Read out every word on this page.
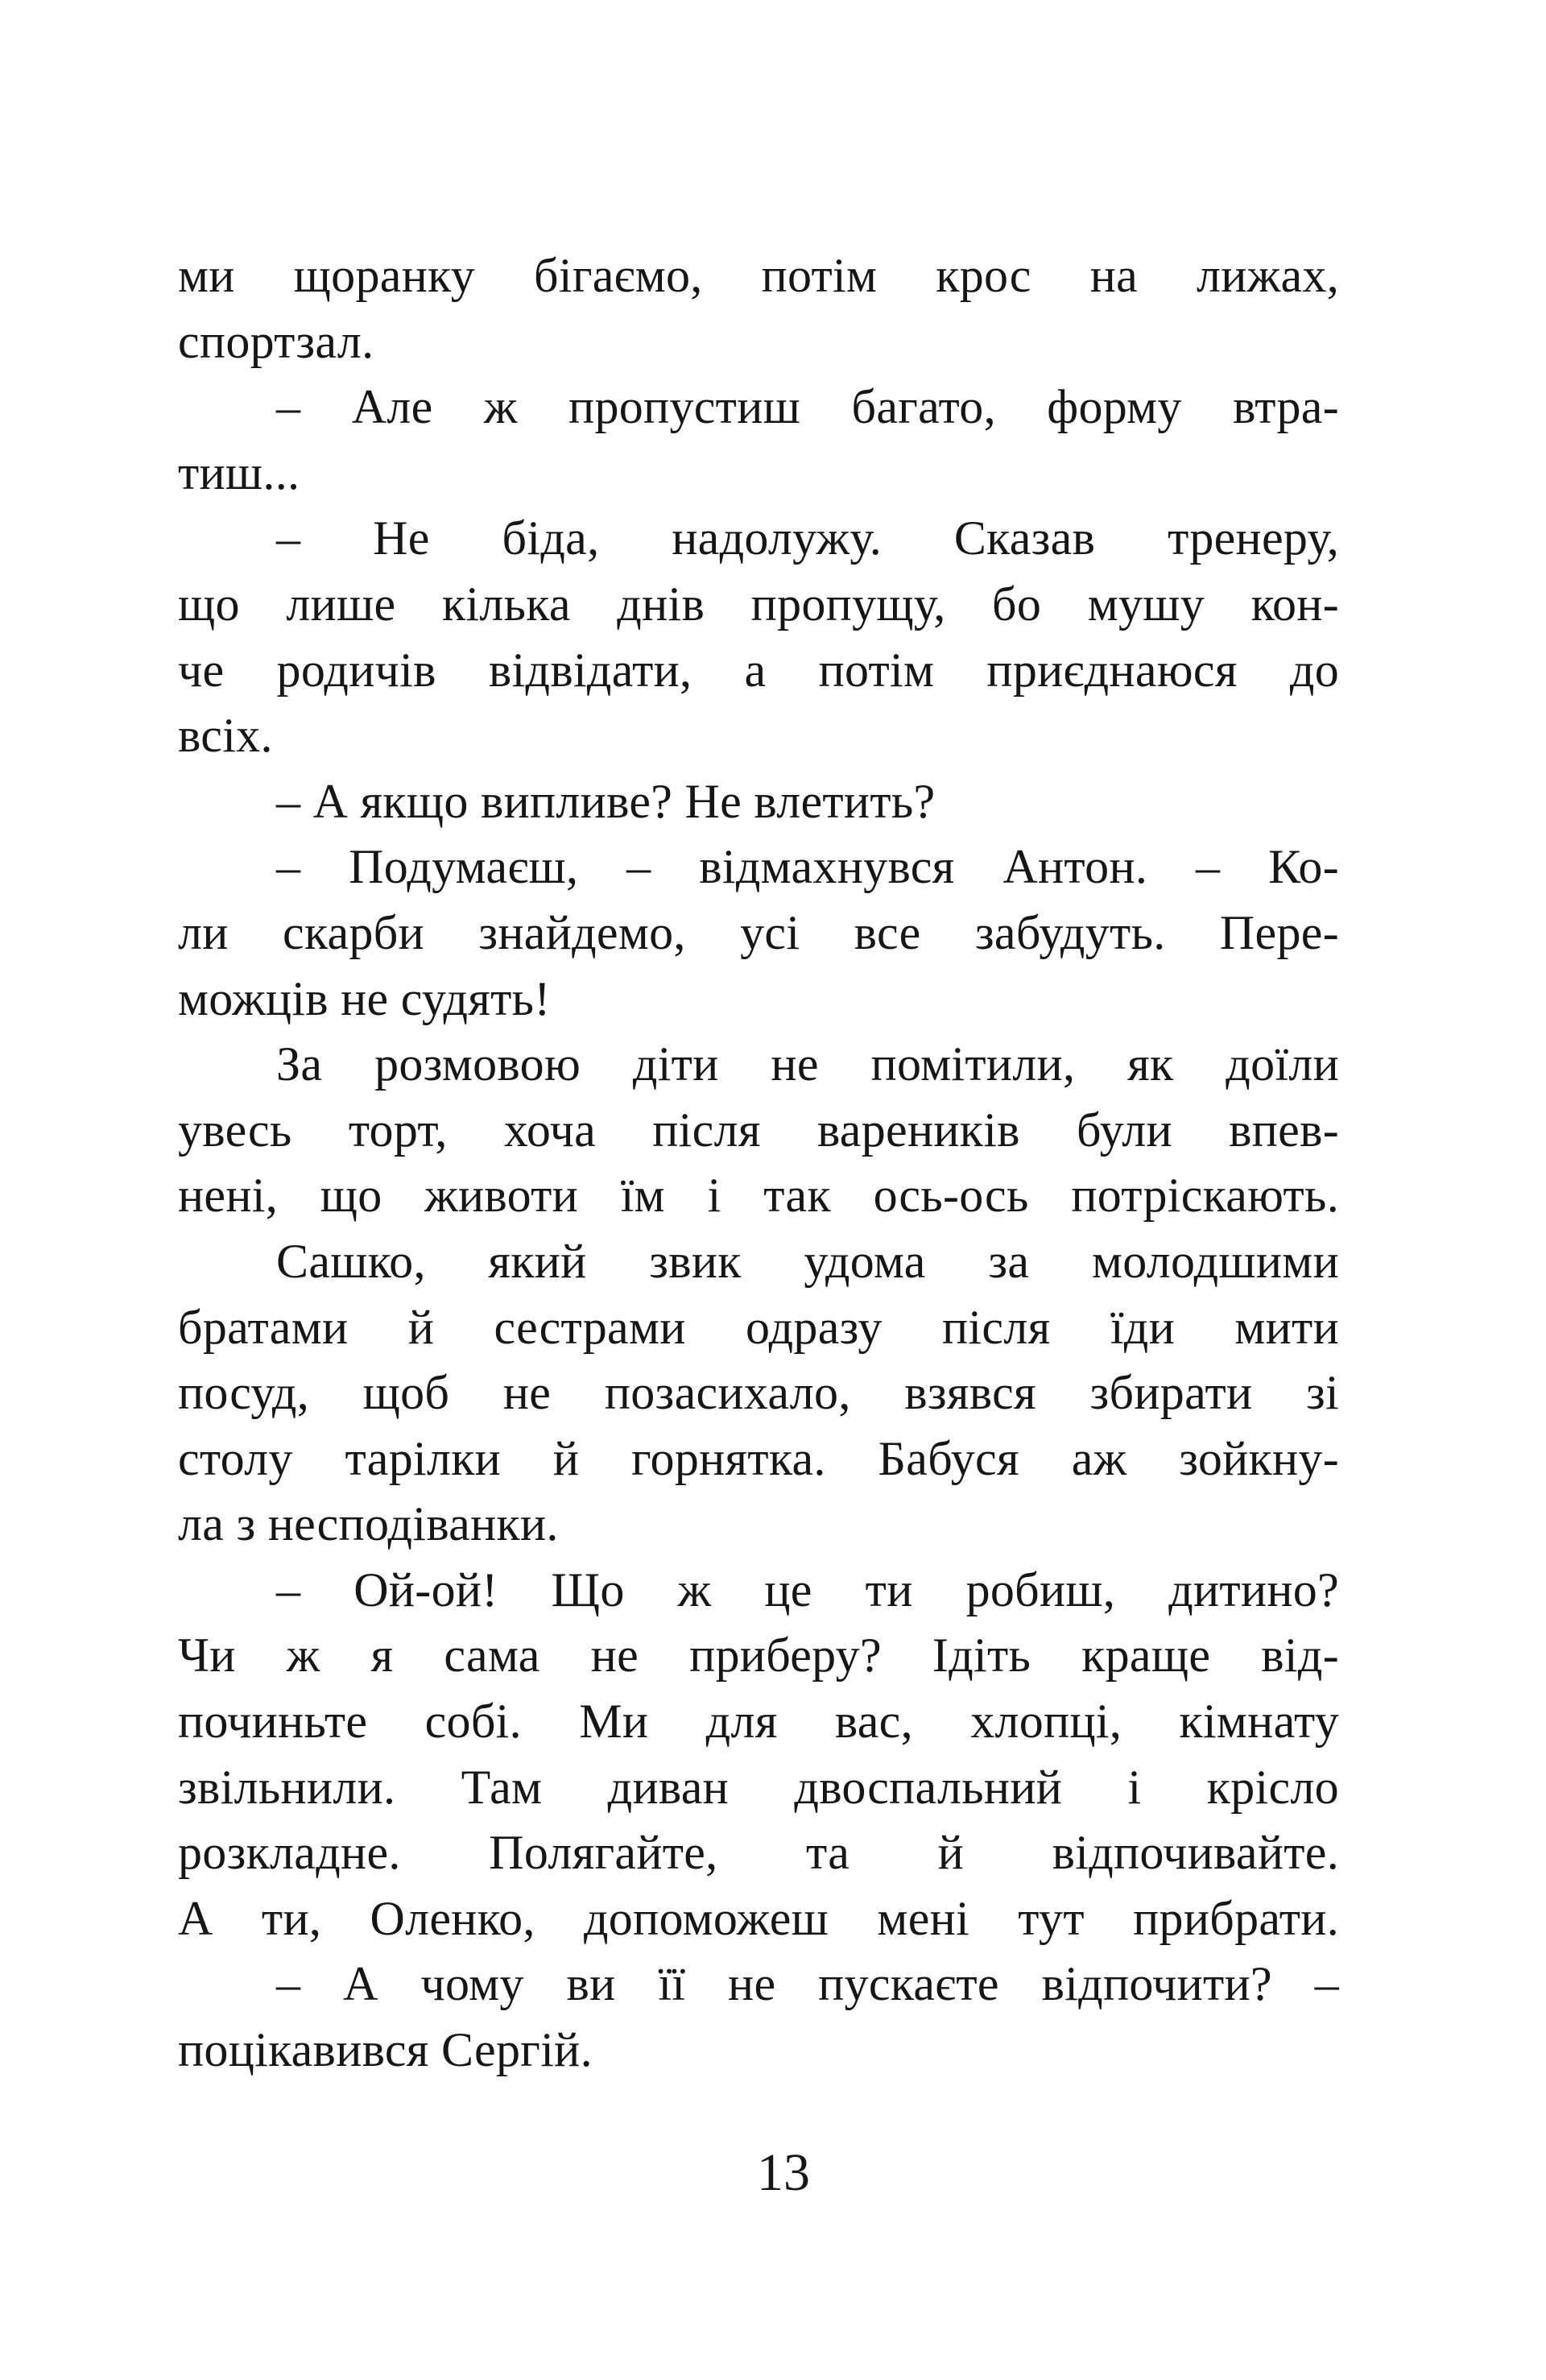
ми щоранку бігаємо, потім крос на лижах,
спортзал.
– Але ж пропустиш багато, форму втра-
тиш...
– Не біда, надолужу. Сказав тренеру,
що лише кілька днів пропущу, бо мушу кон-
че родичів відвідати, а потім приєднаюся до
всіх.
– А якщо випливе? Не влетить?
– Подумаєш, – відмахнувся Антон. – Ко-
ли скарби знайдемо, усі все забудуть. Пере-
можців не судять!
За розмовою діти не помітили, як доїли
увесь торт, хоча після вареників були впев-
нені, що животи їм і так ось-ось потріскають.
Сашко, який звик удома за молодшими
братами й сестрами одразу після їди мити
посуд, щоб не позасихало, взявся збирати зі
столу тарілки й горнятка. Бабуся аж зойкну-
ла з несподіванки.
– Ой-ой! Що ж це ти робиш, дитино?
Чи ж я сама не приберу? Ідіть краще від-
починьте собі. Ми для вас, хлопці, кімнату
звільнили. Там диван двоспальний і крісло
розкладне. Полягайте, та й відпочивайте.
А ти, Оленко, допоможеш мені тут прибрати.
– А чому ви її не пускаєте відпочити? –
поцікавився Сергій.
13
